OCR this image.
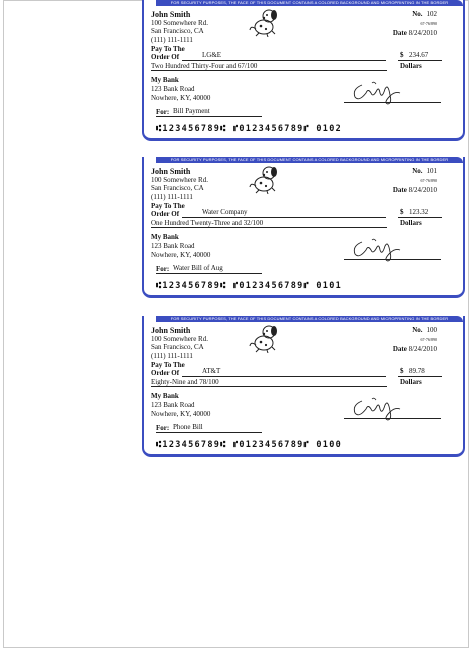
FOR SECURITY PURPOSES, THE FACE OF THIS DOCUMENT CONTAINS A COLORED BACKGROUND AND MICROPRINTING IN THE BORDER
John Smith
100 Somewhere Rd.
San Francisco, CA
(111) 111-1111
No. 102
67-76/890
Date 8/24/2010
Pay To The
Order Of	LG&E	$ 234.67
Two Hundred Thirty-Four and 67/100	Dollars
My Bank
123 Bank Road
Nowhere, KY, 40000
For: Bill Payment
⑆123456789⑆ ⑈0123456789⑈ 0102
FOR SECURITY PURPOSES, THE FACE OF THIS DOCUMENT CONTAINS A COLORED BACKGROUND AND MICROPRINTING IN THE BORDER
John Smith
100 Somewhere Rd.
San Francisco, CA
(111) 111-1111
No. 101
67-76/890
Date 8/24/2010
Pay To The
Order Of	Water Company	$ 123.32
One Hundred Twenty-Three and 32/100	Dollars
My Bank
123 Bank Road
Nowhere, KY, 40000
For: Water Bill of Aug
⑆123456789⑆ ⑈0123456789⑈ 0101
FOR SECURITY PURPOSES, THE FACE OF THIS DOCUMENT CONTAINS A COLORED BACKGROUND AND MICROPRINTING IN THE BORDER
John Smith
100 Somewhere Rd.
San Francisco, CA
(111) 111-1111
No. 100
67-76/890
Date 8/24/2010
Pay To The
Order Of	AT&T	$ 89.78
Eighty-Nine and 78/100	Dollars
My Bank
123 Bank Road
Nowhere, KY, 40000
For: Phone Bill
⑆123456789⑆ ⑈0123456789⑈ 0100
